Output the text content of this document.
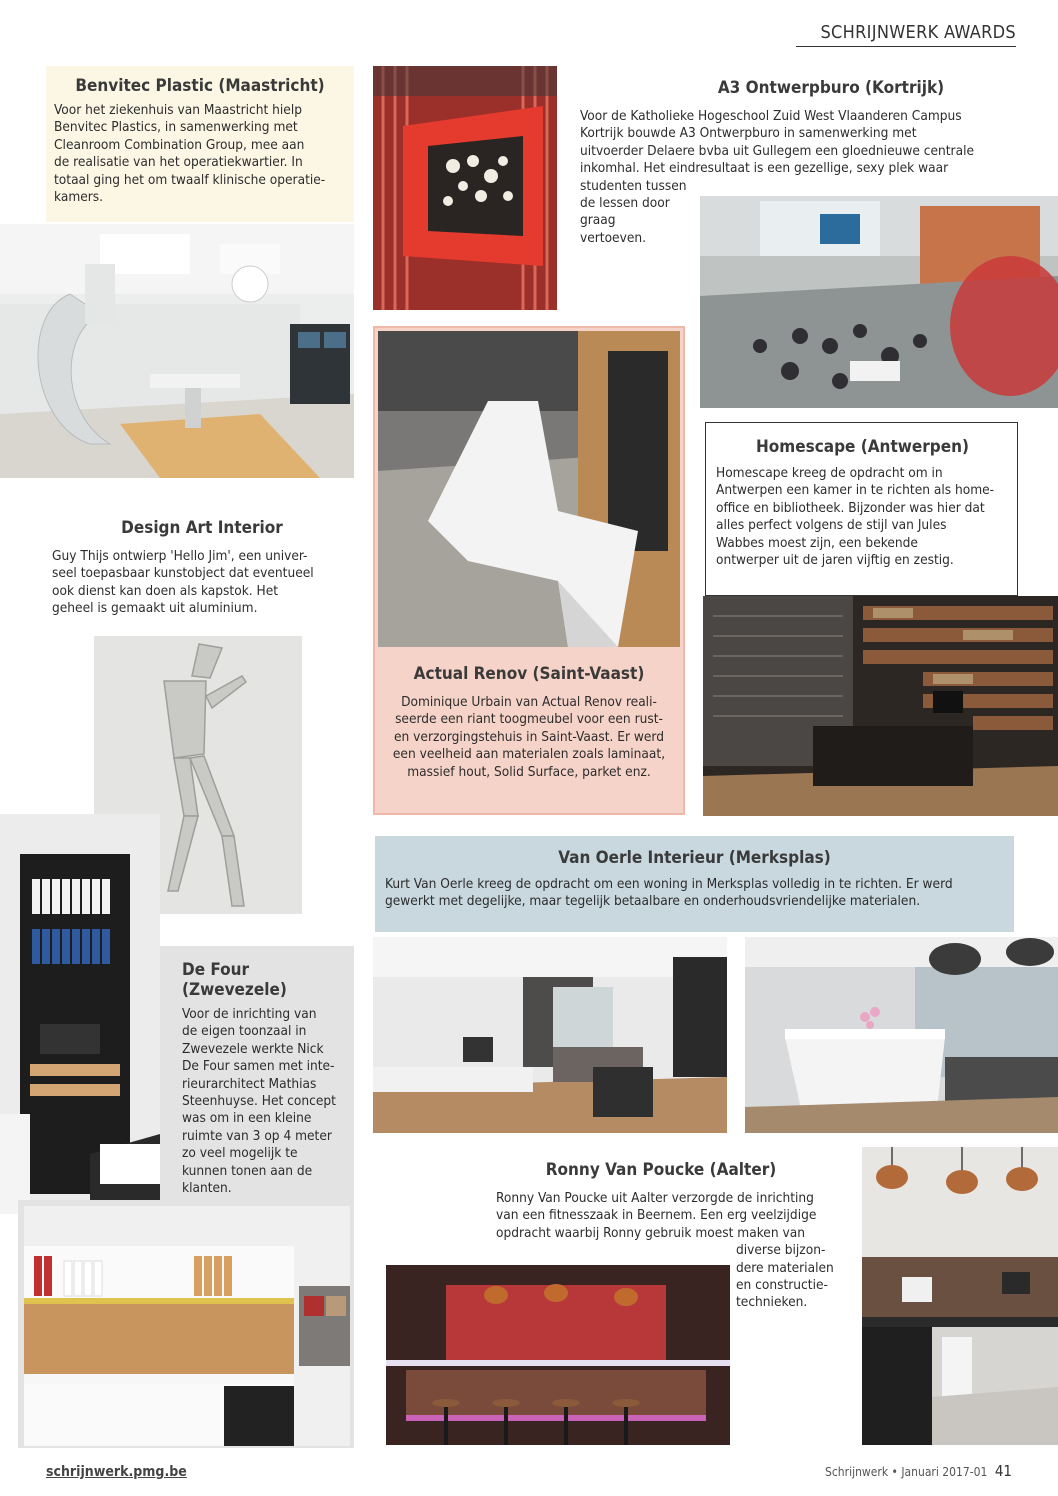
SCHRIJNWERK AWARDS
Benvitec Plastic (Maastricht)
Voor het ziekenhuis van Maastricht hielp
Benvitec Plastics, in samenwerking met
Cleanroom Combination Group, mee aan
de realisatie van het operatiekwartier. In
totaal ging het om twaalf klinische operatie-
kamers.
A3 Ontwerpburo (Kortrijk)
Voor de Katholieke Hogeschool Zuid West Vlaanderen Campus
Kortrijk bouwde A3 Ontwerpburo in samenwerking met
uitvoerder Delaere bvba uit Gullegem een gloednieuwe centrale
inkomhal. Het eindresultaat is een gezellige, sexy plek waar
studenten tussen
de lessen door
graag
vertoeven.
Actual Renov (Saint-Vaast)
Dominique Urbain van Actual Renov reali-
seerde een riant toogmeubel voor een rust-
en verzorgingstehuis in Saint-Vaast. Er werd
een veelheid aan materialen zoals laminaat,
massief hout, Solid Surface, parket enz.
Homescape (Antwerpen)
Homescape kreeg de opdracht om in
Antwerpen een kamer in te richten als home-
office en bibliotheek. Bijzonder was hier dat
alles perfect volgens de stijl van Jules
Wabbes moest zijn, een bekende
ontwerper uit de jaren vijftig en zestig.
Design Art Interior
Guy Thijs ontwierp 'Hello Jim', een univer-
seel toepasbaar kunstobject dat eventueel
ook dienst kan doen als kapstok. Het
geheel is gemaakt uit aluminium.
Van Oerle Interieur (Merksplas)
Kurt Van Oerle kreeg de opdracht om een woning in Merksplas volledig in te richten. Er werd
gewerkt met degelijke, maar tegelijk betaalbare en onderhoudsvriendelijke materialen.
De Four (Zwevezele)
Voor de inrichting van
de eigen toonzaal in
Zwevezele werkte Nick
De Four samen met inte-
rieurarchitect Mathias
Steenhuyse. Het concept
was om in een kleine
ruimte van 3 op 4 meter
zo veel mogelijk te
kunnen tonen aan de
klanten.
Ronny Van Poucke (Aalter)
Ronny Van Poucke uit Aalter verzorgde de inrichting
van een fitnesszaak in Beernem. Een erg veelzijdige
opdracht waarbij Ronny gebruik moest maken van
diverse bijzon-
dere materialen
en constructie-
technieken.
schrijnwerk.pmg.be	Schrijnwerk • Januari 2017-01 41
